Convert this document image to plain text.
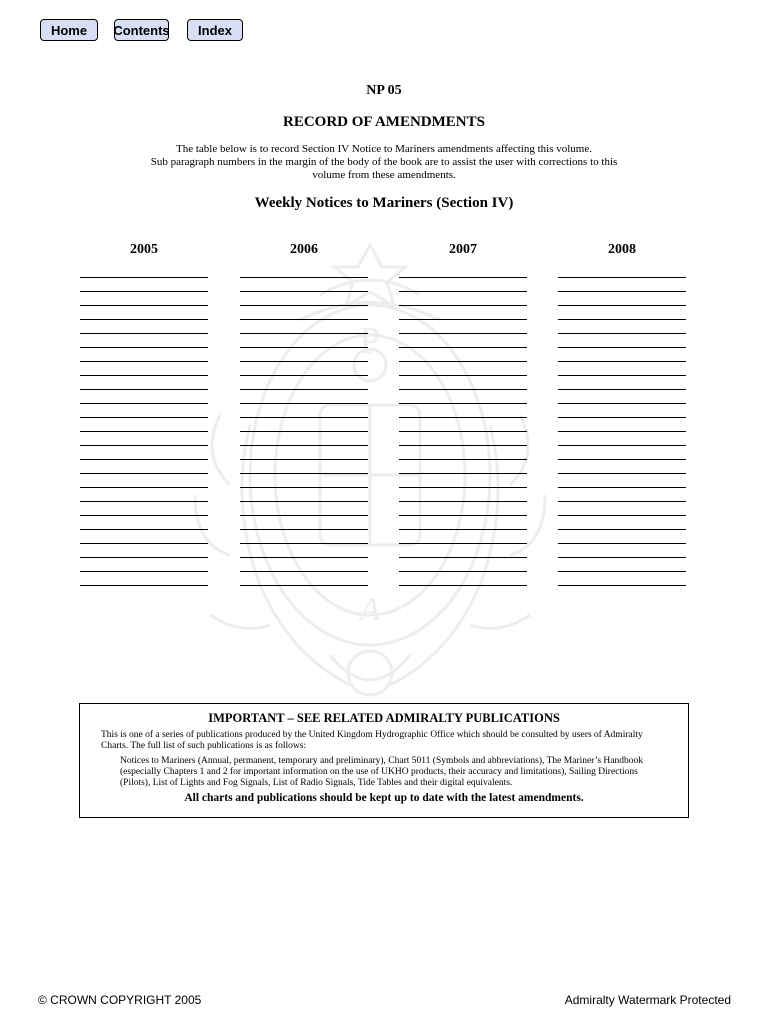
P
A
Home	Contents	Index
NP 05
RECORD OF AMENDMENTS
The table below is to record Section IV Notice to Mariners amendments affecting this volume.
Sub paragraph numbers in the margin of the body of the book are to assist the user with corrections to this
volume from these amendments.
Weekly Notices to Mariners (Section IV)
2005	2006	2007	2008
IMPORTANT – SEE RELATED ADMIRALTY PUBLICATIONS
This is one of a series of publications produced by the United Kingdom Hydrographic Office which should be consulted by users of Admiralty Charts. The full list of such publications is as follows:
Notices to Mariners (Annual, permanent, temporary and preliminary), Chart 5011 (Symbols and abbreviations), The Mariner’s Handbook (especially Chapters 1 and 2 for important information on the use of UKHO products, their accuracy and limitations), Sailing Directions (Pilots), List of Lights and Fog Signals, List of Radio Signals, Tide Tables and their digital equivalents.
All charts and publications should be kept up to date with the latest amendments.
© CROWN COPYRIGHT 2005	Admiralty Watermark Protected
